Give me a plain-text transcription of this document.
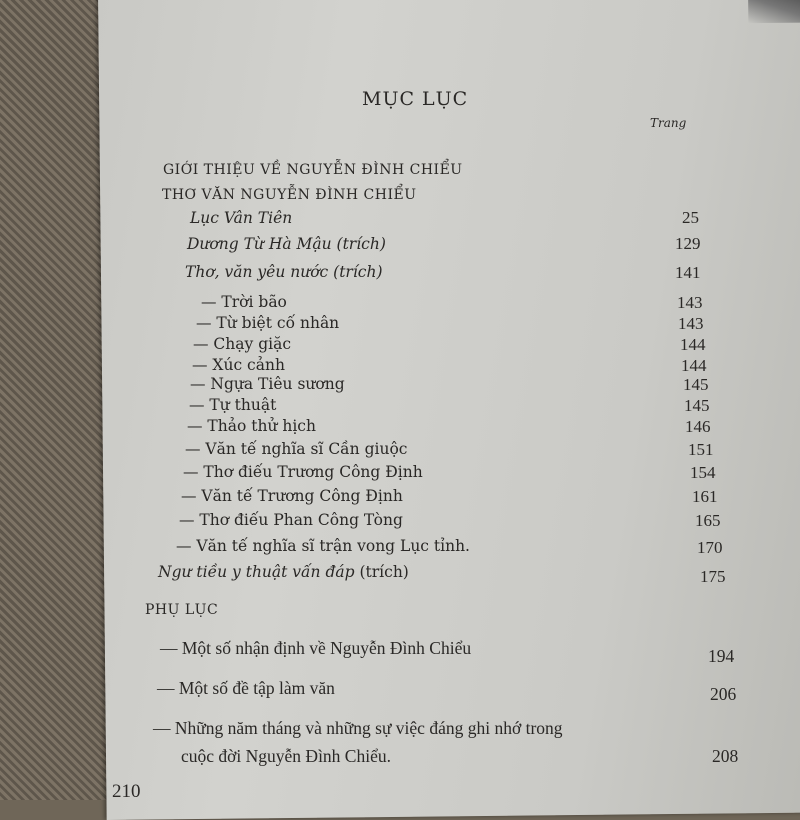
MỤC LỤC
Trang
GIỚI THIỆU VỀ NGUYỄN ĐÌNH CHIỂU
THƠ VĂN NGUYỄN ĐÌNH CHIỂU
Lục Vân Tiên	25
Dương Từ Hà Mậu (trích)	129
Thơ, văn yêu nước (trích)	141
— Trời bão	143
— Từ biệt cố nhân	143
— Chạy giặc	144
— Xúc cảnh	144
— Ngựa Tiêu sương	145
— Tự thuật	145
— Thảo thử hịch	146
— Văn tế nghĩa sĩ Cần giuộc	151
— Thơ điếu Trương Công Định	154
— Văn tế Trương Công Định	161
— Thơ điếu Phan Công Tòng	165
— Văn tế nghĩa sĩ trận vong Lục tỉnh.	170
Ngư tiều y thuật vấn đáp (trích)	175
PHỤ LỤC
— Một số nhận định về Nguyễn Đình Chiểu	194
— Một số đề tập làm văn	206
— Những năm tháng và những sự việc đáng ghi nhớ trong
cuộc đời Nguyễn Đình Chiểu.	208
210
